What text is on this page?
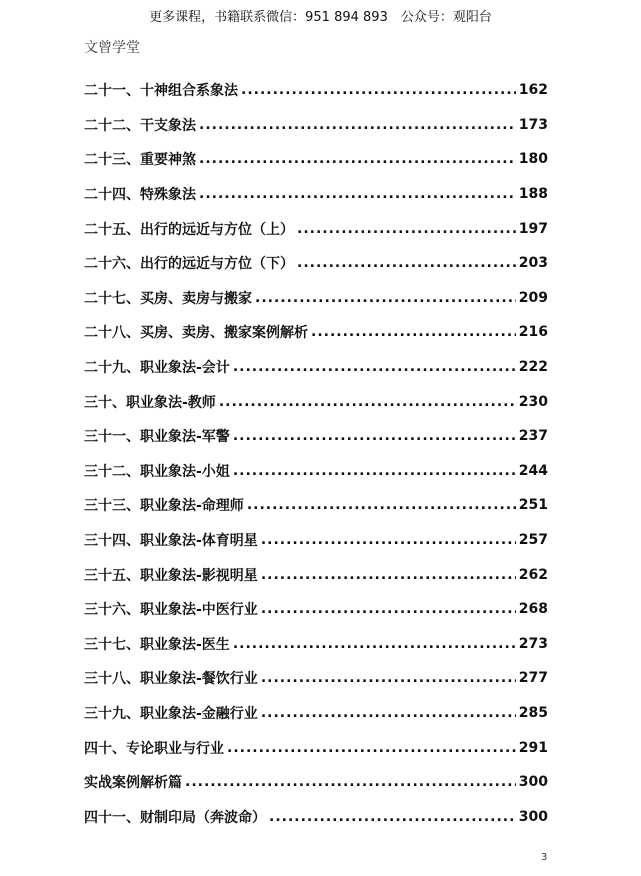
更多课程，书籍联系微信：951 894 893　公众号：观阳台
文曾学堂
二十一、十神组合系象法 .....	162
二十二、干支象法 .....	173
二十三、重要神煞 .....	180
二十四、特殊象法 .....	188
二十五、出行的远近与方位（上） .....	197
二十六、出行的远近与方位（下） .....	203
二十七、买房、卖房与搬家 .....	209
二十八、买房、卖房、搬家案例解析 .....	216
二十九、职业象法-会计 .....	222
三十、职业象法-教师 .....	230
三十一、职业象法-军警 .....	237
三十二、职业象法-小姐 .....	244
三十三、职业象法-命理师 .....	251
三十四、职业象法-体育明星 .....	257
三十五、职业象法-影视明星 .....	262
三十六、职业象法-中医行业 .....	268
三十七、职业象法-医生 .....	273
三十八、职业象法-餐饮行业 .....	277
三十九、职业象法-金融行业 .....	285
四十、专论职业与行业 .....	291
实战案例解析篇 .....	300
四十一、财制印局（奔波命） .....	300
3
